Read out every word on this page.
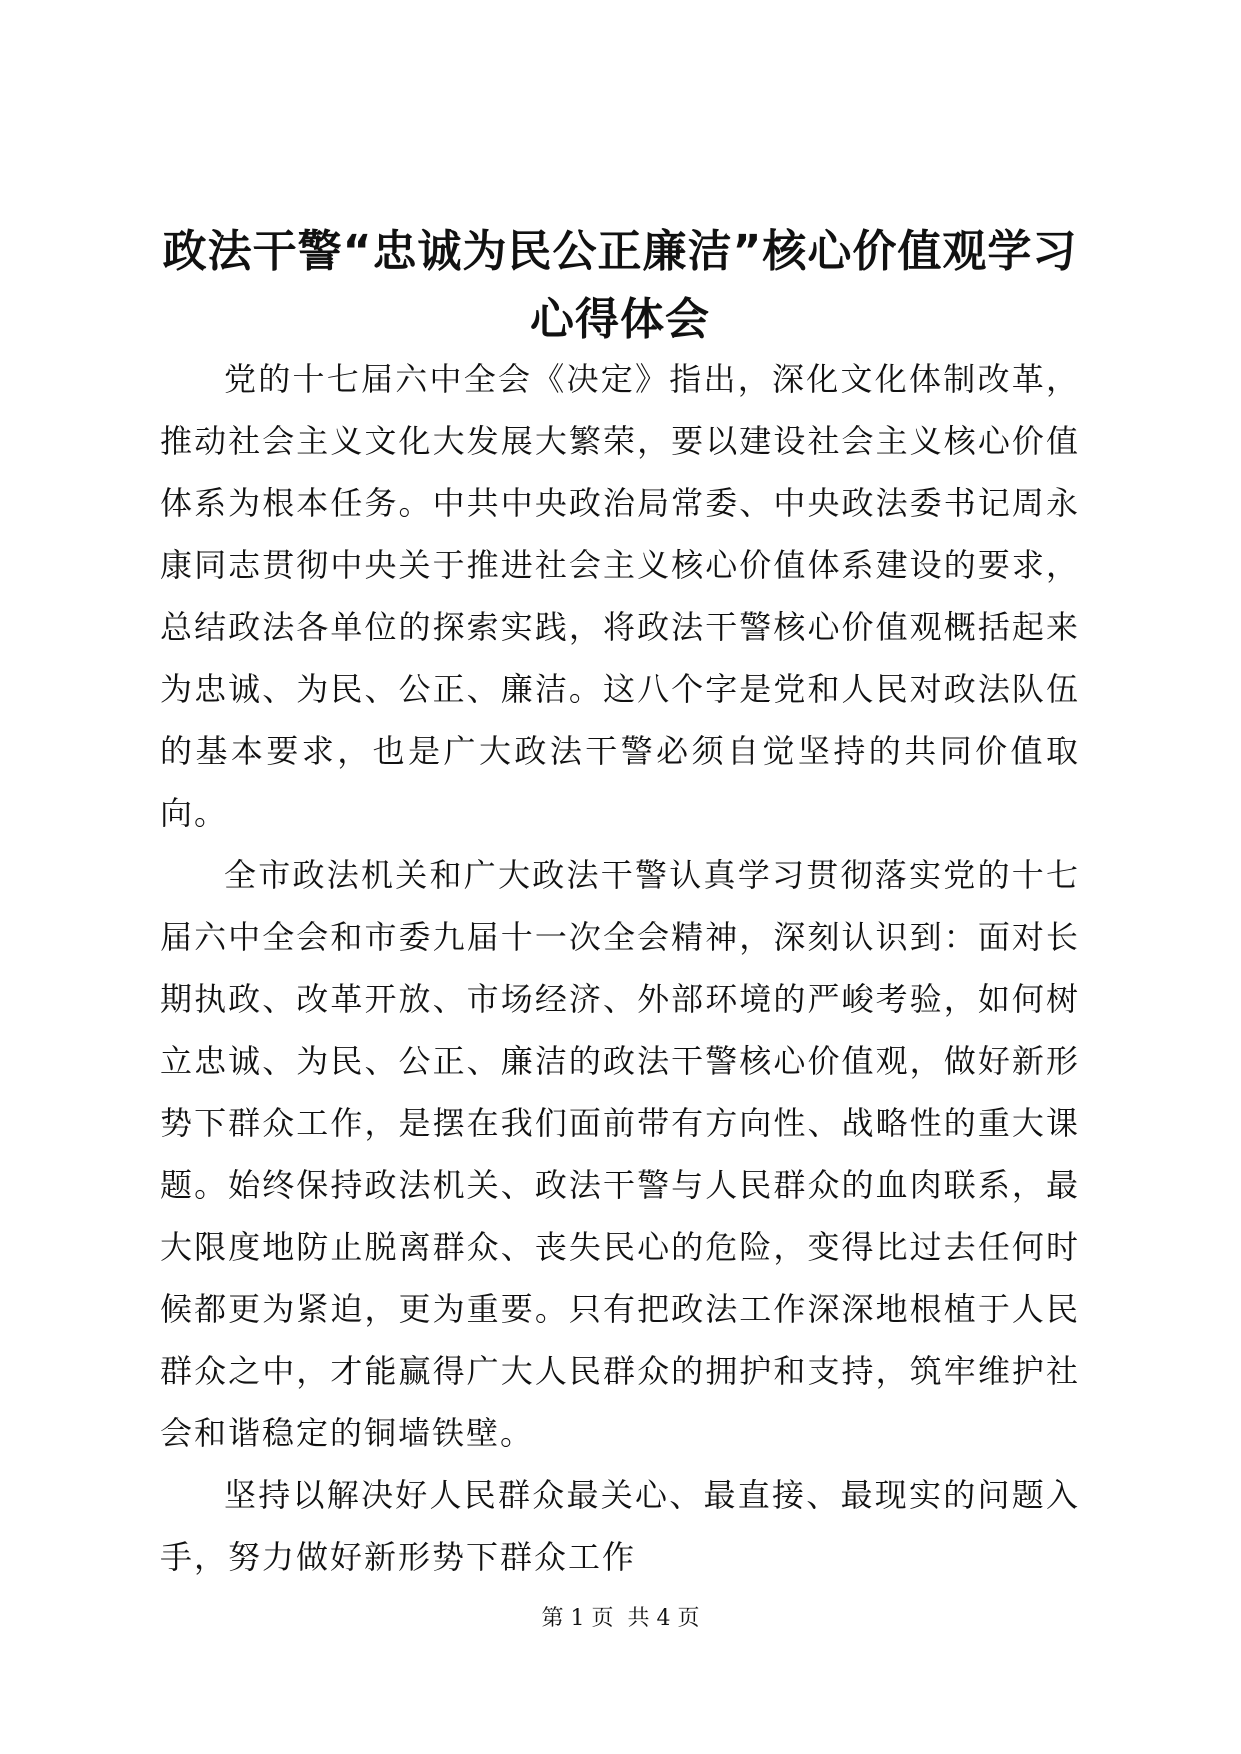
政法干警“忠诚为民公正廉洁”核心价值观学习心得体会

党的十七届六中全会《决定》指出，深化文化体制改革，推动社会主义文化大发展大繁荣，要以建设社会主义核心价值体系为根本任务。中共中央政治局常委、中央政法委书记周永康同志贯彻中央关于推进社会主义核心价值体系建设的要求，总结政法各单位的探索实践，将政法干警核心价值观概括起来为忠诚、为民、公正、廉洁。这八个字是党和人民对政法队伍的基本要求，也是广大政法干警必须自觉坚持的共同价值取向。

全市政法机关和广大政法干警认真学习贯彻落实党的十七届六中全会和市委九届十一次全会精神，深刻认识到：面对长期执政、改革开放、市场经济、外部环境的严峻考验，如何树立忠诚、为民、公正、廉洁的政法干警核心价值观，做好新形势下群众工作，是摆在我们面前带有方向性、战略性的重大课题。始终保持政法机关、政法干警与人民群众的血肉联系，最大限度地防止脱离群众、丧失民心的危险，变得比过去任何时候都更为紧迫，更为重要。只有把政法工作深深地根植于人民群众之中，才能赢得广大人民群众的拥护和支持，筑牢维护社会和谐稳定的铜墙铁壁。

坚持以解决好人民群众最关心、最直接、最现实的问题入手，努力做好新形势下群众工作

第 1 页  共 4 页
